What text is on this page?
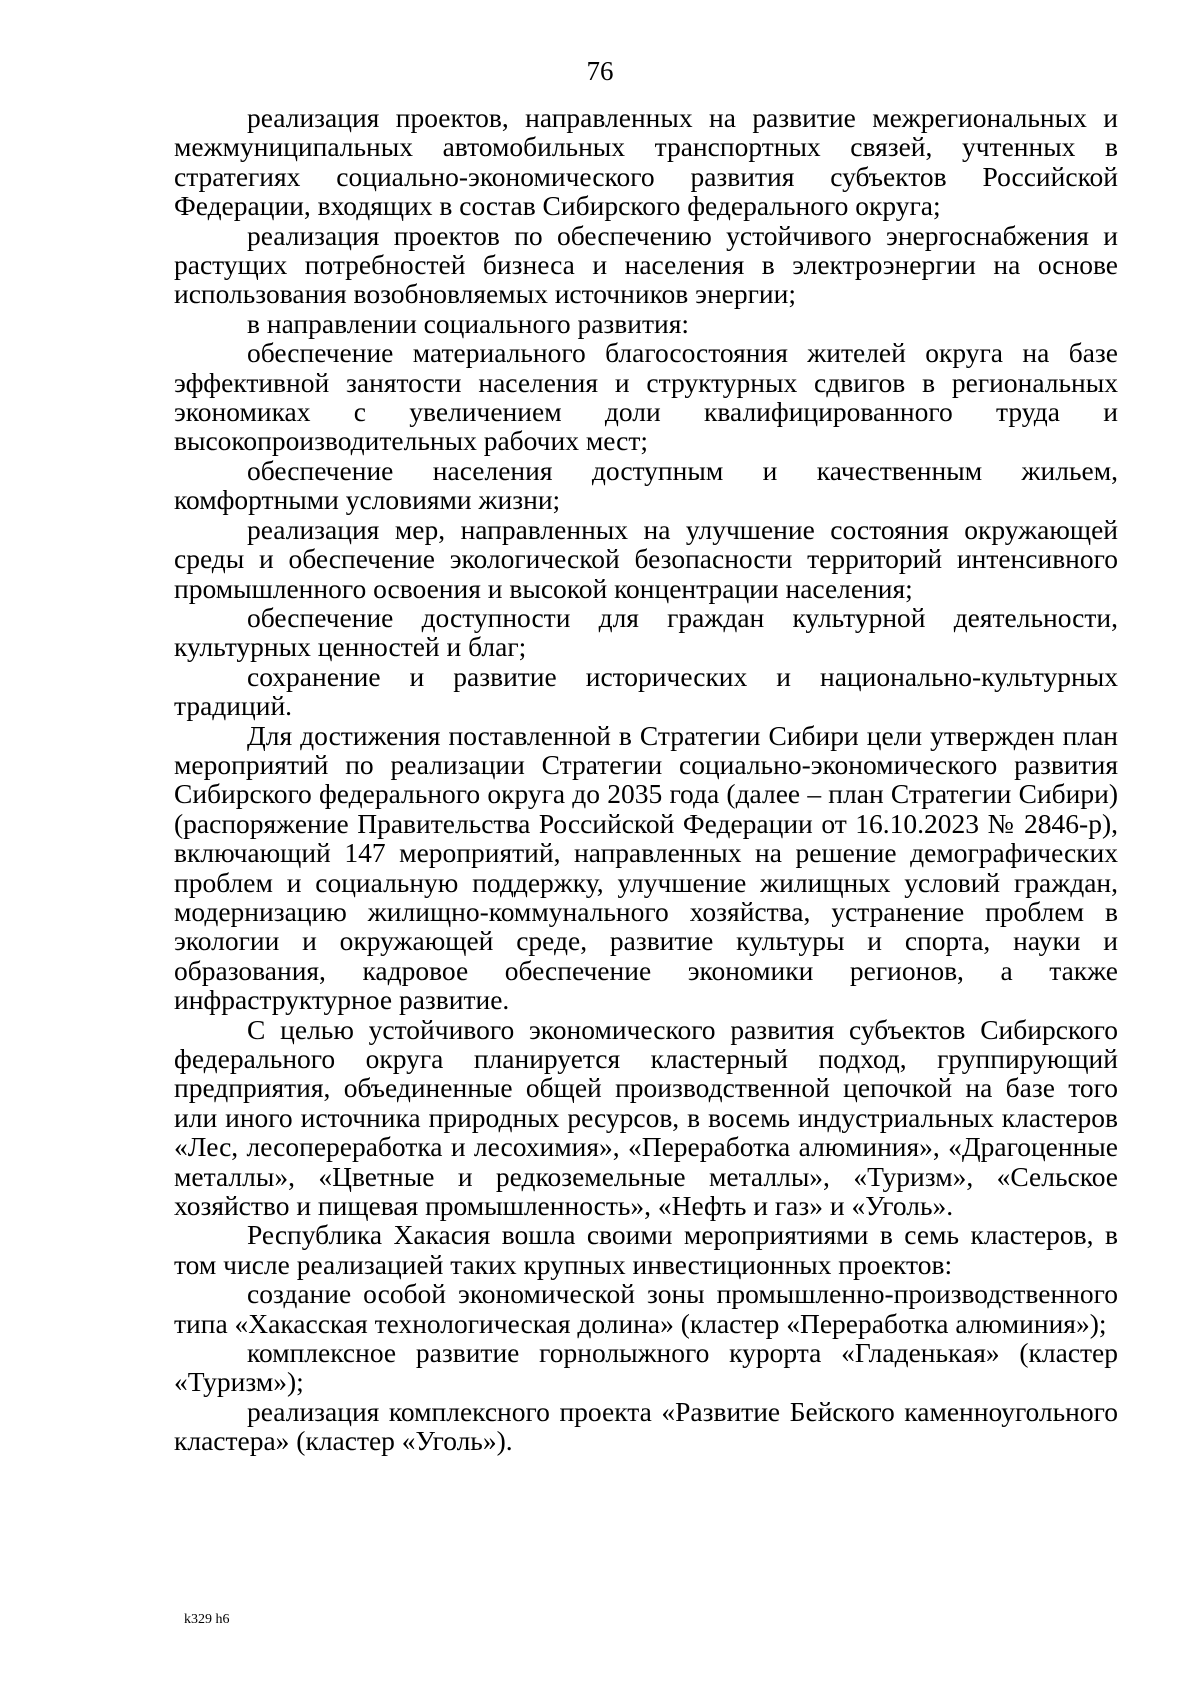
76

реализация проектов, направленных на развитие межрегиональных и межмуниципальных автомобильных транспортных связей, учтенных в стратегиях социально-экономического развития субъектов Российской Федерации, входящих в состав Сибирского федерального округа;

реализация проектов по обеспечению устойчивого энергоснабжения и растущих потребностей бизнеса и населения в электроэнергии на основе использования возобновляемых источников энергии;

в направлении социального развития:

обеспечение материального благосостояния жителей округа на базе эффективной занятости населения и структурных сдвигов в региональных экономиках с увеличением доли квалифицированного труда и высокопроизводительных рабочих мест;

обеспечение населения доступным и качественным жильем, комфортными условиями жизни;

реализация мер, направленных на улучшение состояния окружающей среды и обеспечение экологической безопасности территорий интенсивного промышленного освоения и высокой концентрации населения;

обеспечение доступности для граждан культурной деятельности, культурных ценностей и благ;

сохранение и развитие исторических и национально-культурных традиций.

Для достижения поставленной в Стратегии Сибири цели утвержден план мероприятий по реализации Стратегии социально-экономического развития Сибирского федерального округа до 2035 года (далее – план Стратегии Сибири) (распоряжение Правительства Российской Федерации от 16.10.2023 № 2846-р), включающий 147 мероприятий, направленных на решение демографических проблем и социальную поддержку, улучшение жилищных условий граждан, модернизацию жилищно-коммунального хозяйства, устранение проблем в экологии и окружающей среде, развитие культуры и спорта, науки и образования, кадровое обеспечение экономики регионов, а также инфраструктурное развитие.

С целью устойчивого экономического развития субъектов Сибирского федерального округа планируется кластерный подход, группирующий предприятия, объединенные общей производственной цепочкой на базе того или иного источника природных ресурсов, в восемь индустриальных кластеров «Лес, лесопереработка и лесохимия», «Переработка алюминия», «Драгоценные металлы», «Цветные и редкоземельные металлы», «Туризм», «Сельское хозяйство и пищевая промышленность», «Нефть и газ» и «Уголь».

Республика Хакасия вошла своими мероприятиями в семь кластеров, в том числе реализацией таких крупных инвестиционных проектов:

создание особой экономической зоны промышленно-производственного типа «Хакасская технологическая долина» (кластер «Переработка алюминия»);

комплексное развитие горнолыжного курорта «Гладенькая» (кластер «Туризм»);

реализация комплексного проекта «Развитие Бейского каменноугольного кластера» (кластер «Уголь»).

k329 h6
